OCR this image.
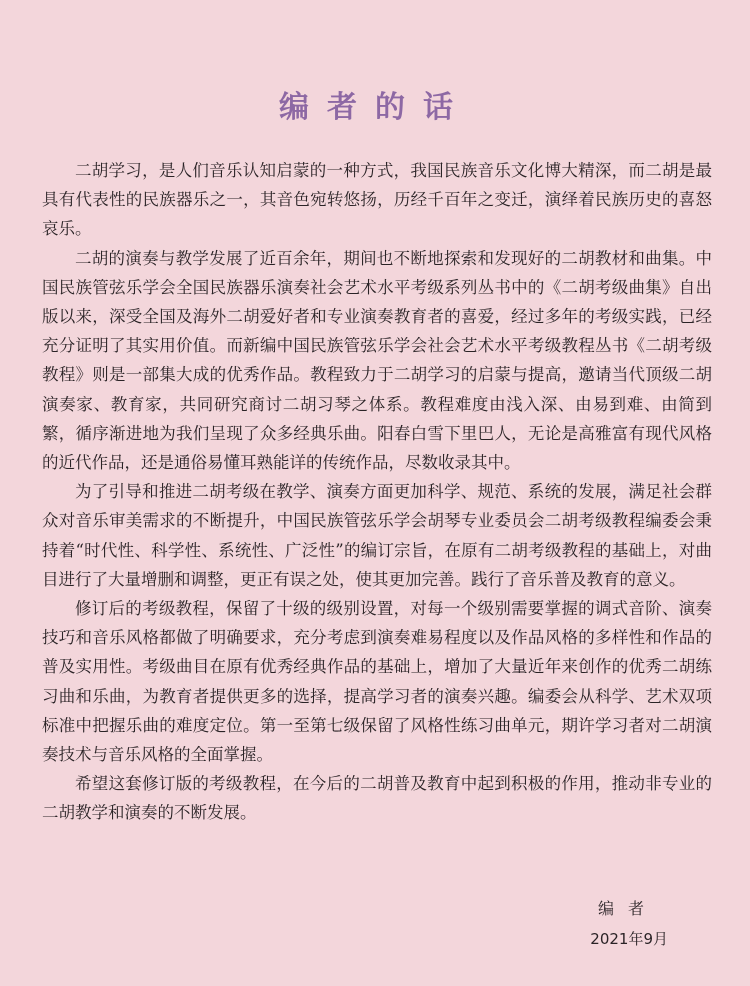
编者的话

二胡学习，是人们音乐认知启蒙的一种方式，我国民族音乐文化博大精深，而二胡是最具有代表性的民族器乐之一，其音色宛转悠扬，历经千百年之变迁，演绎着民族历史的喜怒哀乐。

二胡的演奏与教学发展了近百余年，期间也不断地探索和发现好的二胡教材和曲集。中国民族管弦乐学会全国民族器乐演奏社会艺术水平考级系列丛书中的《二胡考级曲集》自出版以来，深受全国及海外二胡爱好者和专业演奏教育者的喜爱，经过多年的考级实践，已经充分证明了其实用价值。而新编中国民族管弦乐学会社会艺术水平考级教程丛书《二胡考级教程》则是一部集大成的优秀作品。教程致力于二胡学习的启蒙与提高，邀请当代顶级二胡演奏家、教育家，共同研究商讨二胡习琴之体系。教程难度由浅入深、由易到难、由简到繁，循序渐进地为我们呈现了众多经典乐曲。阳春白雪下里巴人，无论是高雅富有现代风格的近代作品，还是通俗易懂耳熟能详的传统作品，尽数收录其中。

为了引导和推进二胡考级在教学、演奏方面更加科学、规范、系统的发展，满足社会群众对音乐审美需求的不断提升，中国民族管弦乐学会胡琴专业委员会二胡考级教程编委会秉持着“时代性、科学性、系统性、广泛性”的编订宗旨，在原有二胡考级教程的基础上，对曲目进行了大量增删和调整，更正有误之处，使其更加完善。践行了音乐普及教育的意义。

修订后的考级教程，保留了十级的级别设置，对每一个级别需要掌握的调式音阶、演奏技巧和音乐风格都做了明确要求，充分考虑到演奏难易程度以及作品风格的多样性和作品的普及实用性。考级曲目在原有优秀经典作品的基础上，增加了大量近年来创作的优秀二胡练习曲和乐曲，为教育者提供更多的选择，提高学习者的演奏兴趣。编委会从科学、艺术双项标准中把握乐曲的难度定位。第一至第七级保留了风格性练习曲单元，期许学习者对二胡演奏技术与音乐风格的全面掌握。

希望这套修订版的考级教程，在今后的二胡普及教育中起到积极的作用，推动非专业的二胡教学和演奏的不断发展。

编者
2021年9月
